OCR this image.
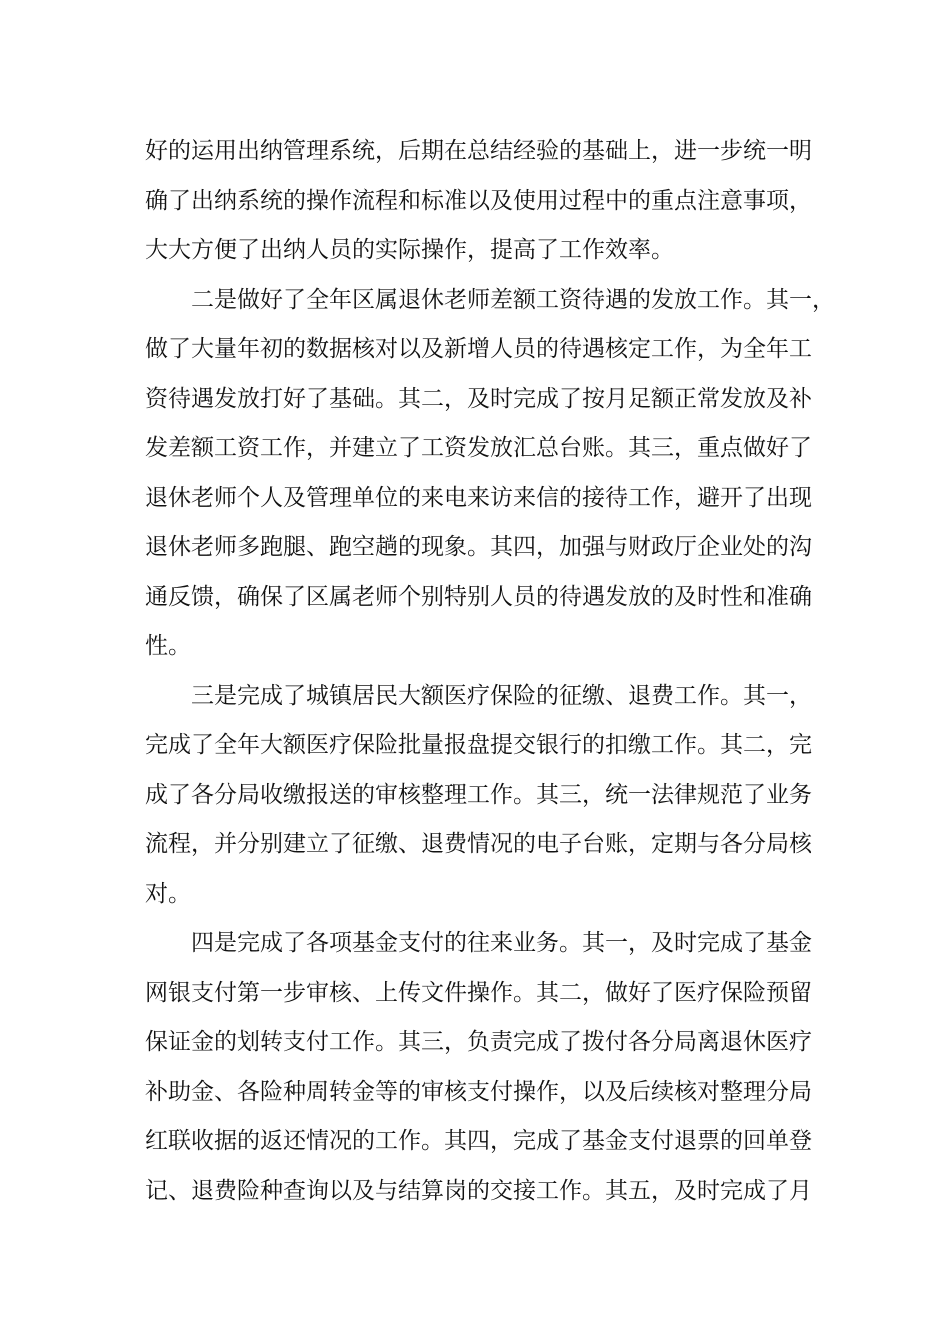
好的运用出纳管理系统，后期在总结经验的基础上，进一步统一明
确了出纳系统的操作流程和标准以及使用过程中的重点注意事项，
大大方便了出纳人员的实际操作，提高了工作效率。
二是做好了全年区属退休老师差额工资待遇的发放工作。其一，
做了大量年初的数据核对以及新增人员的待遇核定工作，为全年工
资待遇发放打好了基础。其二，及时完成了按月足额正常发放及补
发差额工资工作，并建立了工资发放汇总台账。其三，重点做好了
退休老师个人及管理单位的来电来访来信的接待工作，避开了出现
退休老师多跑腿、跑空趟的现象。其四，加强与财政厅企业处的沟
通反馈，确保了区属老师个别特别人员的待遇发放的及时性和准确
性。
三是完成了城镇居民大额医疗保险的征缴、退费工作。其一，
完成了全年大额医疗保险批量报盘提交银行的扣缴工作。其二，完
成了各分局收缴报送的审核整理工作。其三，统一法律规范了业务
流程，并分别建立了征缴、退费情况的电子台账，定期与各分局核
对。
四是完成了各项基金支付的往来业务。其一，及时完成了基金
网银支付第一步审核、上传文件操作。其二，做好了医疗保险预留
保证金的划转支付工作。其三，负责完成了拨付各分局离退休医疗
补助金、各险种周转金等的审核支付操作，以及后续核对整理分局
红联收据的返还情况的工作。其四，完成了基金支付退票的回单登
记、退费险种查询以及与结算岗的交接工作。其五，及时完成了月
